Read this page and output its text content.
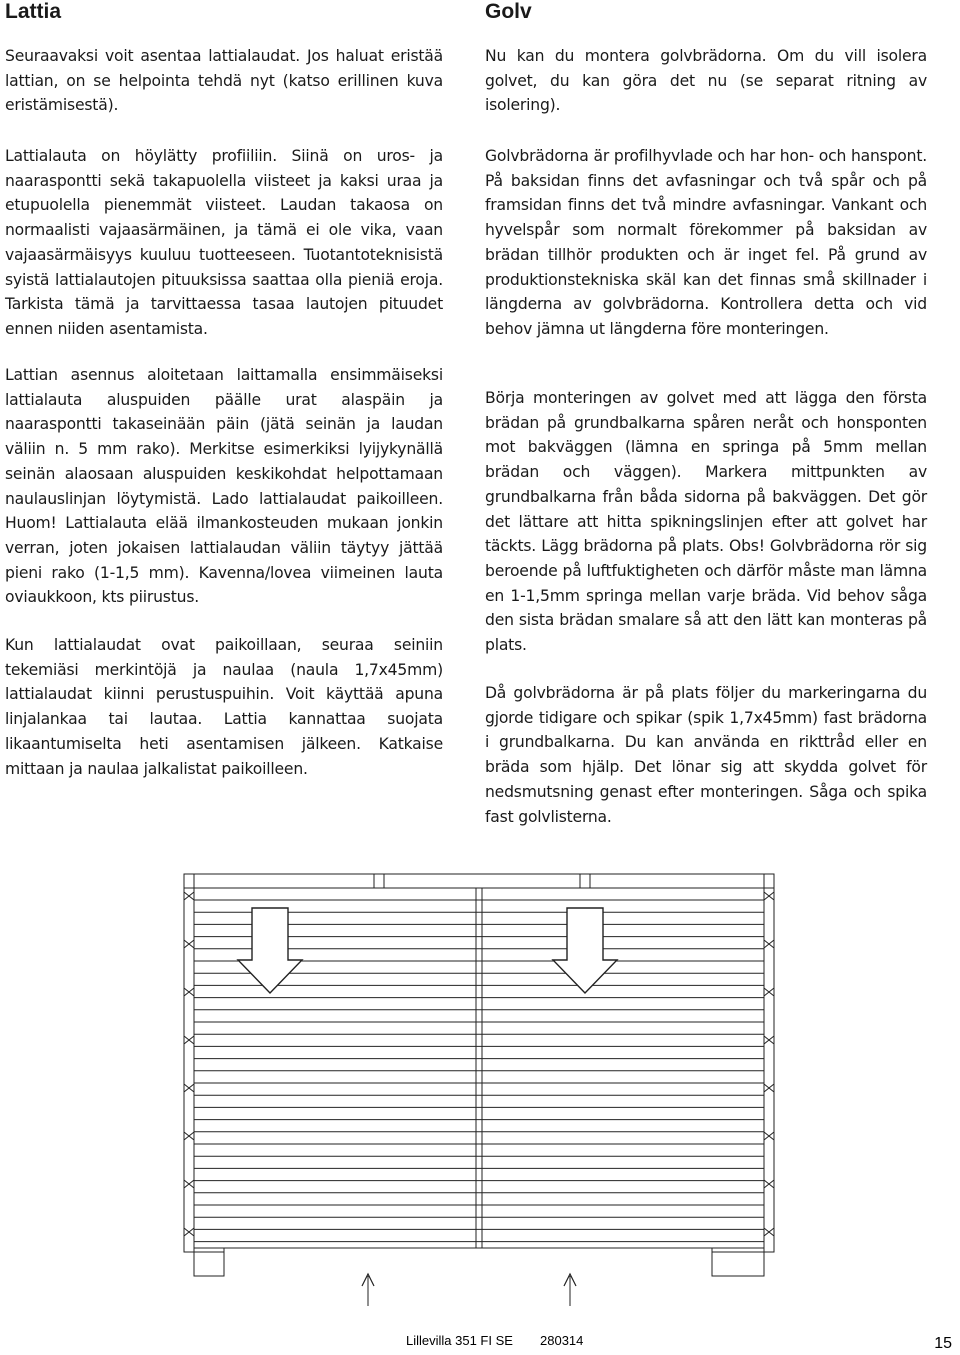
Lattia

Seuraavaksi voit asentaa lattialaudat. Jos haluat eristää lattian, on se helpointa tehdä nyt (katso erillinen kuva eristämisestä).

Lattialauta on höylätty profiiliin. Siinä on uros- ja naaraspontti sekä takapuolella viisteet ja kaksi uraa ja etupuolella pienemmät viisteet. Laudan takaosa on normaalisti vajaasärmäinen, ja tämä ei ole vika, vaan vajaasärmäisyys kuuluu tuotteeseen. Tuotantoteknisistä syistä lattialautojen pituuksissa saattaa olla pieniä eroja. Tarkista tämä ja tarvittaessa tasaa lautojen pituudet ennen niiden asentamista.

Lattian asennus aloitetaan laittamalla ensimmäiseksi lattialauta aluspuiden päälle urat alaspäin ja naaraspontti takaseinään päin (jätä seinän ja laudan väliin n. 5 mm rako). Merkitse esimerkiksi lyijykynällä seinän alaosaan aluspuiden keskikohdat helpottamaan naulauslinjan löytymistä. Lado lattialaudat paikoilleen. Huom! Lattialauta elää ilmankosteuden mukaan jonkin verran, joten jokaisen lattialaudan väliin täytyy jättää pieni rako (1-1,5 mm). Kavenna/lovea viimeinen lauta oviaukkoon, kts piirustus.

Kun lattialaudat ovat paikoillaan, seuraa seiniin tekemiäsi merkintöjä ja naulaa (naula 1,7x45mm) lattialaudat kiinni perustuspuihin. Voit käyttää apuna linjalankaa tai lautaa. Lattia kannattaa suojata likaantumiselta heti asentamisen jälkeen. Katkaise mittaan ja naulaa jalkalistat paikoilleen.

Golv

Nu kan du montera golvbrädorna. Om du vill isolera golvet, du kan göra det nu (se separat ritning av isolering).

Golvbrädorna är profilhyvlade och har hon- och hanspont. På baksidan finns det avfasningar och två spår och på framsidan finns det två mindre avfasningar. Vankant och hyvelspår som normalt förekommer på baksidan av brädan tillhör produkten och är inget fel. På grund av produktionstekniska skäl kan det finnas små skillnader i längderna av golvbrädorna. Kontrollera detta och vid behov jämna ut längderna före monteringen.

Börja monteringen av golvet med att lägga den första brädan på grundbalkarna spåren neråt och honsponten mot bakväggen (lämna en springa på 5mm mellan brädan och väggen). Markera mittpunkten av grundbalkarna från båda sidorna på bakväggen. Det gör det lättare att hitta spikningslinjen efter att golvet har täckts. Lägg brädorna på plats. Obs! Golvbrädorna rör sig beroende på luftfuktigheten och därför måste man lämna en 1-1,5mm springa mellan varje bräda. Vid behov såga den sista brädan smalare så att den lätt kan monteras på plats.

Då golvbrädorna är på plats följer du markeringarna du gjorde tidigare och spikar (spik 1,7x45mm) fast brädorna i grundbalkarna. Du kan använda en rikttråd eller en bräda som hjälp. Det lönar sig att skydda golvet för nedsmutsning genast efter monteringen. Såga och spika fast golvlisterna.

Lillevilla 351 FI SE 280314	15
